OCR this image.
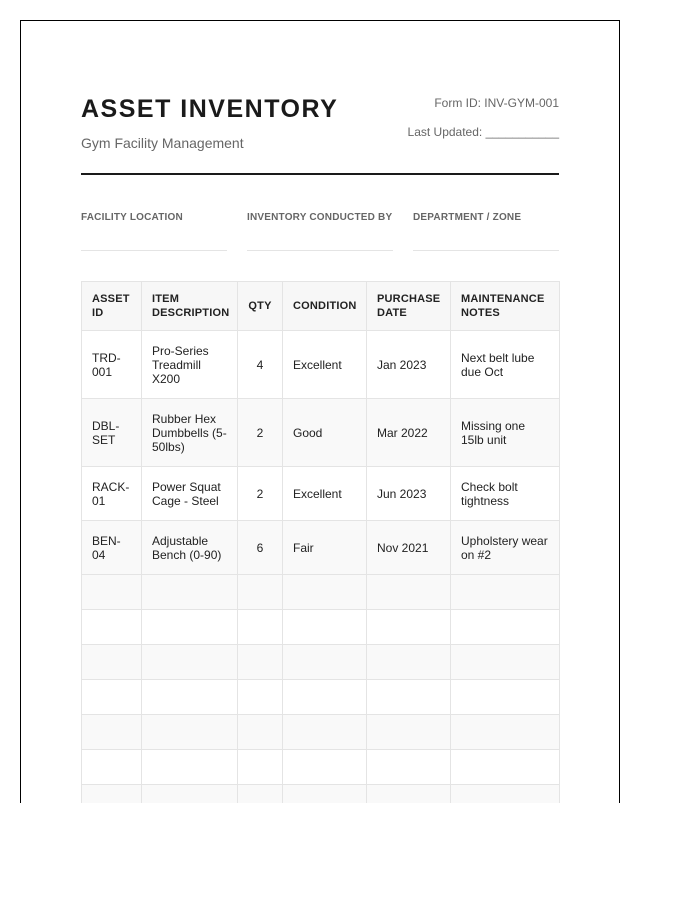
ASSET INVENTORY
Gym Facility Management
Form ID: INV-GYM-001
Last Updated: ___________
FACILITY LOCATION	INVENTORY CONDUCTED BY DEPARTMENT / ZONE
ASSET ID	ITEM DESCRIPTION	QTY	CONDITION	PURCHASE DATE	MAINTENANCE NOTES
TRD-001	Pro-Series Treadmill X200	4	Excellent	Jan 2023	Next belt lube due Oct
DBL-SET	Rubber Hex Dumbbells (5-50lbs)	2	Good	Mar 2022	Missing one 15lb unit
RACK-01	Power Squat Cage - Steel	2	Excellent	Jun 2023	Check bolt tightness
BEN-04	Adjustable Bench (0-90)	6	Fair	Nov 2021	Upholstery wear on #2
